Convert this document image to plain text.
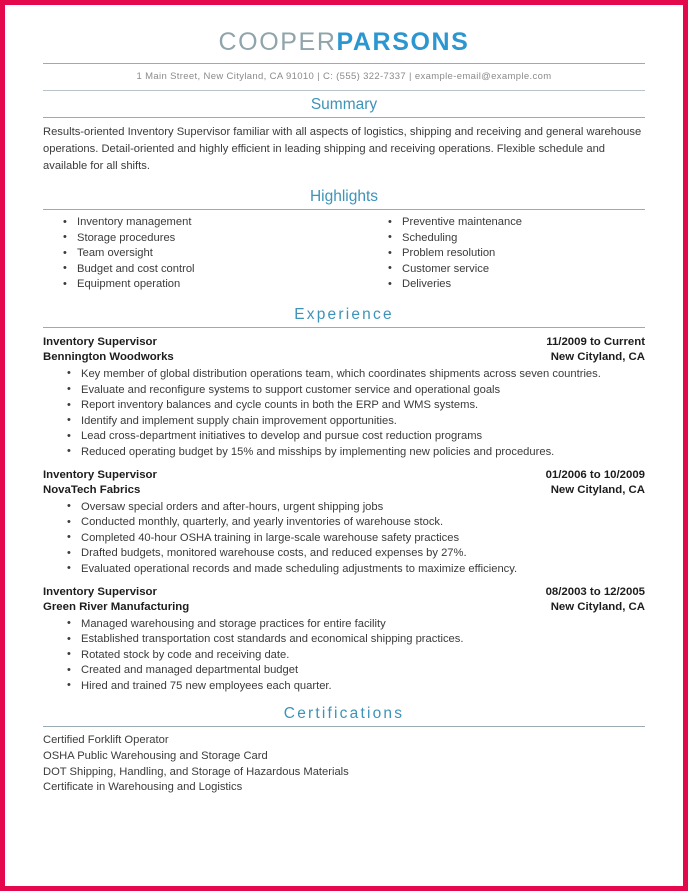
COOPERPARSONS
1 Main Street, New Cityland, CA 91010 | C: (555) 322-7337 | example-email@example.com
Summary
Results-oriented Inventory Supervisor familiar with all aspects of logistics, shipping and receiving and general warehouse operations. Detail-oriented and highly efficient in leading shipping and receiving operations. Flexible schedule and available for all shifts.
Highlights
• Inventory management
• Storage procedures
• Team oversight
• Budget and cost control
• Equipment operation
• Preventive maintenance
• Scheduling
• Problem resolution
• Customer service
• Deliveries
Experience
Inventory Supervisor	11/2009 to Current
Bennington Woodworks	New Cityland, CA
• Key member of global distribution operations team, which coordinates shipments across seven countries.
• Evaluate and reconfigure systems to support customer service and operational goals
• Report inventory balances and cycle counts in both the ERP and WMS systems.
• Identify and implement supply chain improvement opportunities.
• Lead cross-department initiatives to develop and pursue cost reduction programs
• Reduced operating budget by 15% and misships by implementing new policies and procedures.
Inventory Supervisor	01/2006 to 10/2009
NovaTech Fabrics	New Cityland, CA
• Oversaw special orders and after-hours, urgent shipping jobs
• Conducted monthly, quarterly, and yearly inventories of warehouse stock.
• Completed 40-hour OSHA training in large-scale warehouse safety practices
• Drafted budgets, monitored warehouse costs, and reduced expenses by 27%.
• Evaluated operational records and made scheduling adjustments to maximize efficiency.
Inventory Supervisor	08/2003 to 12/2005
Green River Manufacturing	New Cityland, CA
• Managed warehousing and storage practices for entire facility
• Established transportation cost standards and economical shipping practices.
• Rotated stock by code and receiving date.
• Created and managed departmental budget
• Hired and trained 75 new employees each quarter.
Certifications
Certified Forklift Operator
OSHA Public Warehousing and Storage Card
DOT Shipping, Handling, and Storage of Hazardous Materials
Certificate in Warehousing and Logistics
